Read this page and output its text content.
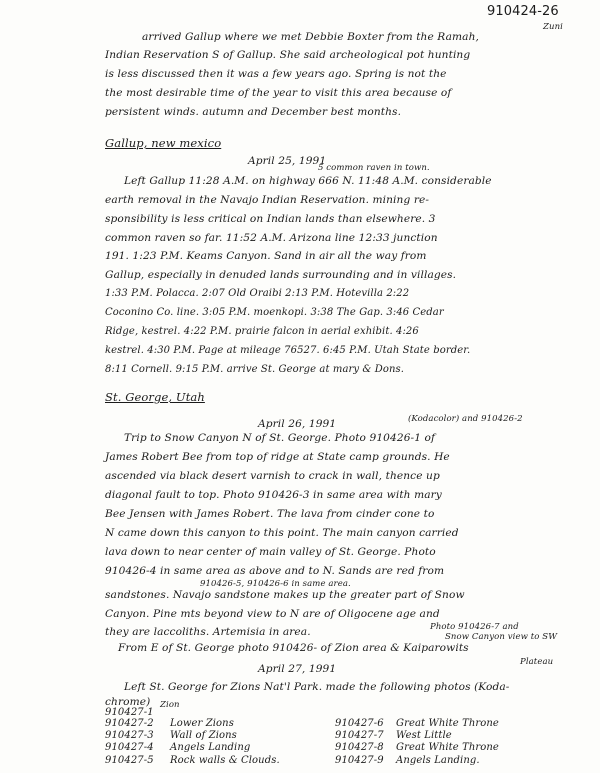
910424-26
Zuni
arrived Gallup where we met Debbie Boxter from the Ramah,
Indian Reservation S of Gallup. She said archeological pot hunting
is less discussed then it was a few years ago. Spring is not the
the most desirable time of the year to visit this area because of
persistent winds. autumn and December best months.
Gallup, new mexico
April 25, 1991
5 common raven in town.
Left Gallup 11:28 A.M. on highway 666 N. 11:48 A.M. considerable
earth removal in the Navajo Indian Reservation. mining re-
sponsibility is less critical on Indian lands than elsewhere. 3
common raven so far. 11:52 A.M. Arizona line 12:33 junction
191. 1:23 P.M. Keams Canyon. Sand in air all the way from
Gallup, especially in denuded lands surrounding and in villages.
1:33 P.M. Polacca. 2:07 Old Oraibi 2:13 P.M. Hotevilla 2:22
Coconino Co. line. 3:05 P.M. moenkopi. 3:38 The Gap. 3:46 Cedar
Ridge, kestrel. 4:22 P.M. prairie falcon in aerial exhibit. 4:26
kestrel. 4:30 P.M. Page at mileage 76527. 6:45 P.M. Utah State border.
8:11 Cornell. 9:15 P.M. arrive St. George at mary & Dons.
St. George, Utah
April 26, 1991	(Kodacolor) and 910426-2
Trip to Snow Canyon N of St. George. Photo 910426-1 of
James Robert Bee from top of ridge at State camp grounds. He
ascended via black desert varnish to crack in wall, thence up
diagonal fault to top. Photo 910426-3 in same area with mary
Bee Jensen with James Robert. The lava from cinder cone to
N came down this canyon to this point. The main canyon carried
lava down to near center of main valley of St. George. Photo
910426-4 in same area as above and to N. Sands are red from
910426-5, 910426-6 in same area.
sandstones. Navajo sandstone makes up the greater part of Snow
Canyon. Pine mts beyond view to N are of Oligocene age and
they are laccoliths. Artemisia in area.	Photo 910426-7 and
Snow Canyon view to SW
From E of St. George photo 910426- of Zion area & Kaiparowits
Plateau
April 27, 1991
Left St. George for Zions Nat'l Park. made the following photos (Koda-
chrome) Zion
910427-1
910427-2 Lower Zions	910427-6 Great White Throne
910427-3 Wall of Zions	910427-7 West Little
910427-4 Angels Landing	910427-8 Great White Throne
910427-5 Rock walls & Clouds.	910427-9 Angels Landing.
